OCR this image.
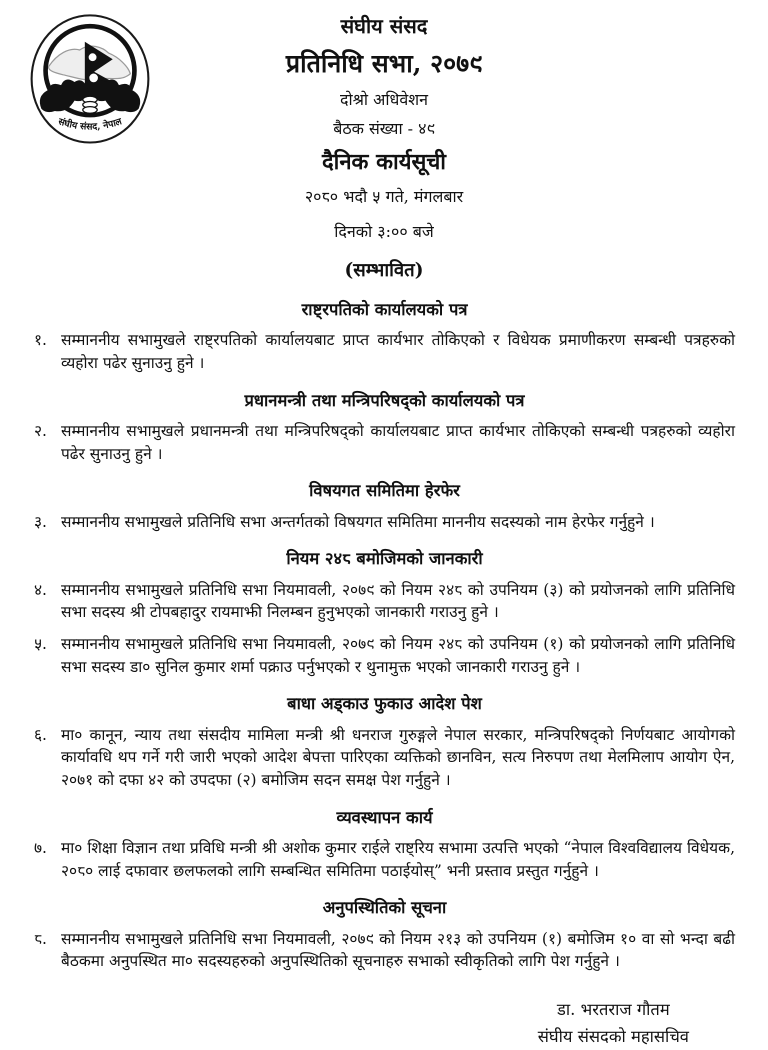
संघीय संसद, नेपाल
संघीय संसद
प्रतिनिधि सभा, २०७९
दोश्रो अधिवेशन
बैठक संख्या - ४९
दैनिक कार्यसूची
२०८० भदौ ५ गते, मंगलबार
दिनको ३:०० बजे
(सम्भावित)
राष्ट्रपतिको कार्यालयको पत्र
१. सम्माननीय सभामुखले राष्ट्रपतिको कार्यालयबाट प्राप्त कार्यभार तोकिएको र विधेयक प्रमाणीकरण सम्बन्धी पत्रहरुको व्यहोरा पढेर सुनाउनु हुने ।

प्रधानमन्त्री तथा मन्त्रिपरिषद्को कार्यालयको पत्र
२. सम्माननीय सभामुखले प्रधानमन्त्री तथा मन्त्रिपरिषद्को कार्यालयबाट प्राप्त कार्यभार तोकिएको सम्बन्धी पत्रहरुको व्यहोरा पढेर सुनाउनु हुने ।

विषयगत समितिमा हेरफेर
३. सम्माननीय सभामुखले प्रतिनिधि सभा अन्तर्गतको विषयगत समितिमा माननीय सदस्यको नाम हेरफेर गर्नुहुने ।

नियम २४८ बमोजिमको जानकारी
४. सम्माननीय सभामुखले प्रतिनिधि सभा नियमावली, २०७९ को नियम २४८ को उपनियम (३) को प्रयोजनको लागि प्रतिनिधि सभा सदस्य श्री टोपबहादुर रायमाझी निलम्बन हुनुभएको जानकारी गराउनु हुने ।

५. सम्माननीय सभामुखले प्रतिनिधि सभा नियमावली, २०७९ को नियम २४८ को उपनियम (१) को प्रयोजनको लागि प्रतिनिधि सभा सदस्य डा० सुनिल कुमार शर्मा पक्राउ पर्नुभएको र थुनामुक्त भएको जानकारी गराउनु हुने ।

बाधा अड्काउ फुकाउ आदेश पेश
६. मा० कानून, न्याय तथा संसदीय मामिला मन्त्री श्री धनराज गुरुङ्गले नेपाल सरकार, मन्त्रिपरिषद्को निर्णयबाट आयोगको कार्यावधि थप गर्ने गरी जारी भएको आदेश बेपत्ता पारिएका व्यक्तिको छानविन, सत्य निरुपण तथा मेलमिलाप आयोग ऐन, २०७१ को दफा ४२ को उपदफा (२) बमोजिम सदन समक्ष पेश गर्नुहुने ।

व्यवस्थापन कार्य
७. मा० शिक्षा विज्ञान तथा प्रविधि मन्त्री श्री अशोक कुमार राईले राष्ट्रिय सभामा उत्पत्ति भएको “नेपाल विश्वविद्यालय विधेयक, २०८० लाई दफावार छलफलको लागि सम्बन्धित समितिमा पठाईयोस्” भनी प्रस्ताव प्रस्तुत गर्नुहुने ।

अनुपस्थितिको सूचना
८. सम्माननीय सभामुखले प्रतिनिधि सभा नियमावली, २०७९ को नियम २१३ को उपनियम (१) बमोजिम १० वा सो भन्दा बढी बैठकमा अनुपस्थित मा० सदस्यहरुको अनुपस्थितिको सूचनाहरु सभाको स्वीकृतिको लागि पेश गर्नुहुने ।

डा. भरतराज गौतम
संघीय संसदको महासचिव
